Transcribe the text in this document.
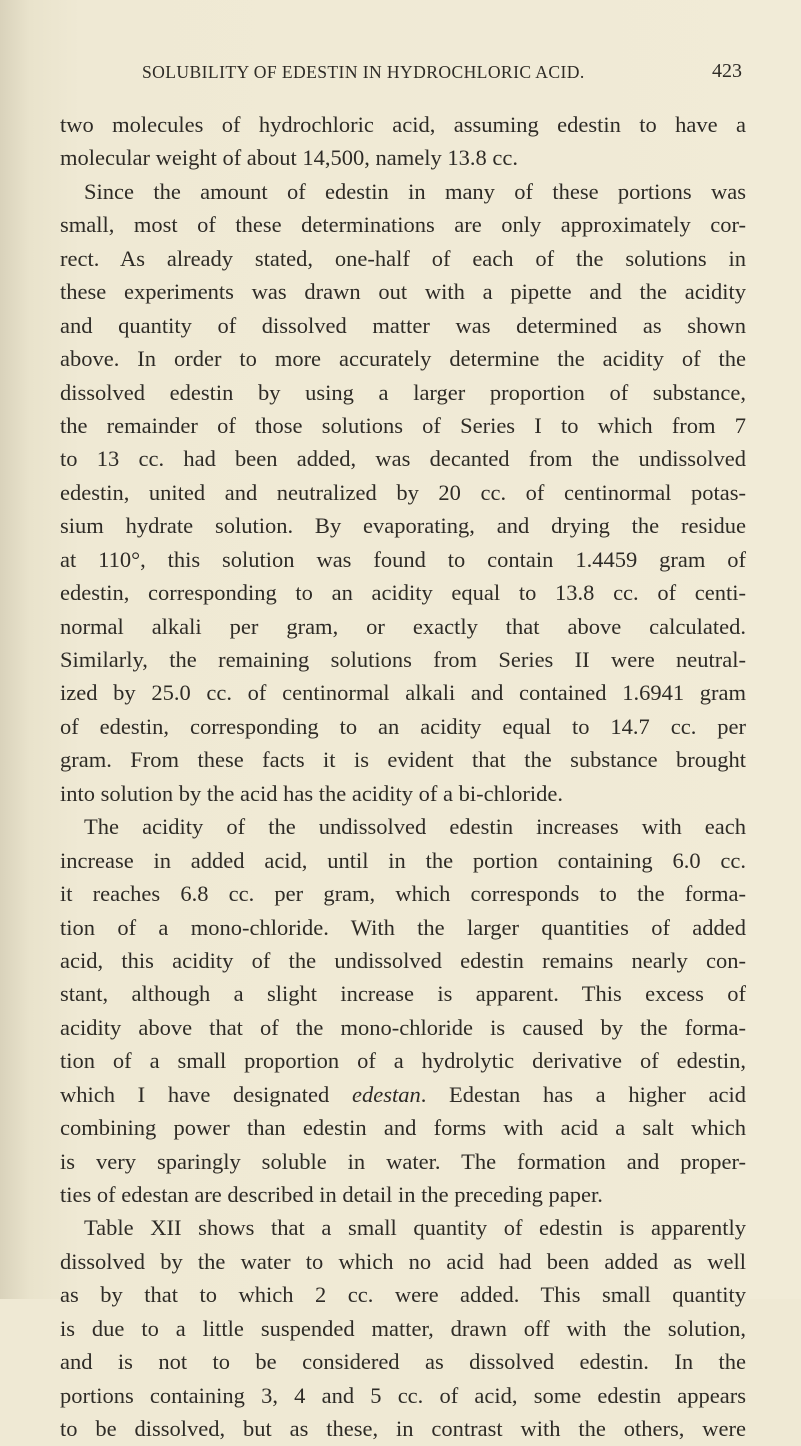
SOLUBILITY OF EDESTIN IN HYDROCHLORIC ACID.	423
two molecules of hydrochloric acid, assuming edestin to have a
molecular weight of about 14,500, namely 13.8 cc.
Since the amount of edestin in many of these portions was
small, most of these determinations are only approximately cor-
rect. As already stated, one-half of each of the solutions in
these experiments was drawn out with a pipette and the acidity
and quantity of dissolved matter was determined as shown
above. In order to more accurately determine the acidity of the
dissolved edestin by using a larger proportion of substance,
the remainder of those solutions of Series I to which from 7
to 13 cc. had been added, was decanted from the undissolved
edestin, united and neutralized by 20 cc. of centinormal potas-
sium hydrate solution. By evaporating, and drying the residue
at 110°, this solution was found to contain 1.4459 gram of
edestin, corresponding to an acidity equal to 13.8 cc. of centi-
normal alkali per gram, or exactly that above calculated.
Similarly, the remaining solutions from Series II were neutral-
ized by 25.0 cc. of centinormal alkali and contained 1.6941 gram
of edestin, corresponding to an acidity equal to 14.7 cc. per
gram. From these facts it is evident that the substance brought
into solution by the acid has the acidity of a bi-chloride.
The acidity of the undissolved edestin increases with each
increase in added acid, until in the portion containing 6.0 cc.
it reaches 6.8 cc. per gram, which corresponds to the forma-
tion of a mono-chloride. With the larger quantities of added
acid, this acidity of the undissolved edestin remains nearly con-
stant, although a slight increase is apparent. This excess of
acidity above that of the mono-chloride is caused by the forma-
tion of a small proportion of a hydrolytic derivative of edestin,
which I have designated edestan. Edestan has a higher acid
combining power than edestin and forms with acid a salt which
is very sparingly soluble in water. The formation and proper-
ties of edestan are described in detail in the preceding paper.
Table XII shows that a small quantity of edestin is apparently
dissolved by the water to which no acid had been added as well
as by that to which 2 cc. were added. This small quantity
is due to a little suspended matter, drawn off with the solution,
and is not to be considered as dissolved edestin. In the
portions containing 3, 4 and 5 cc. of acid, some edestin appears
to be dissolved, but as these, in contrast with the others, were
